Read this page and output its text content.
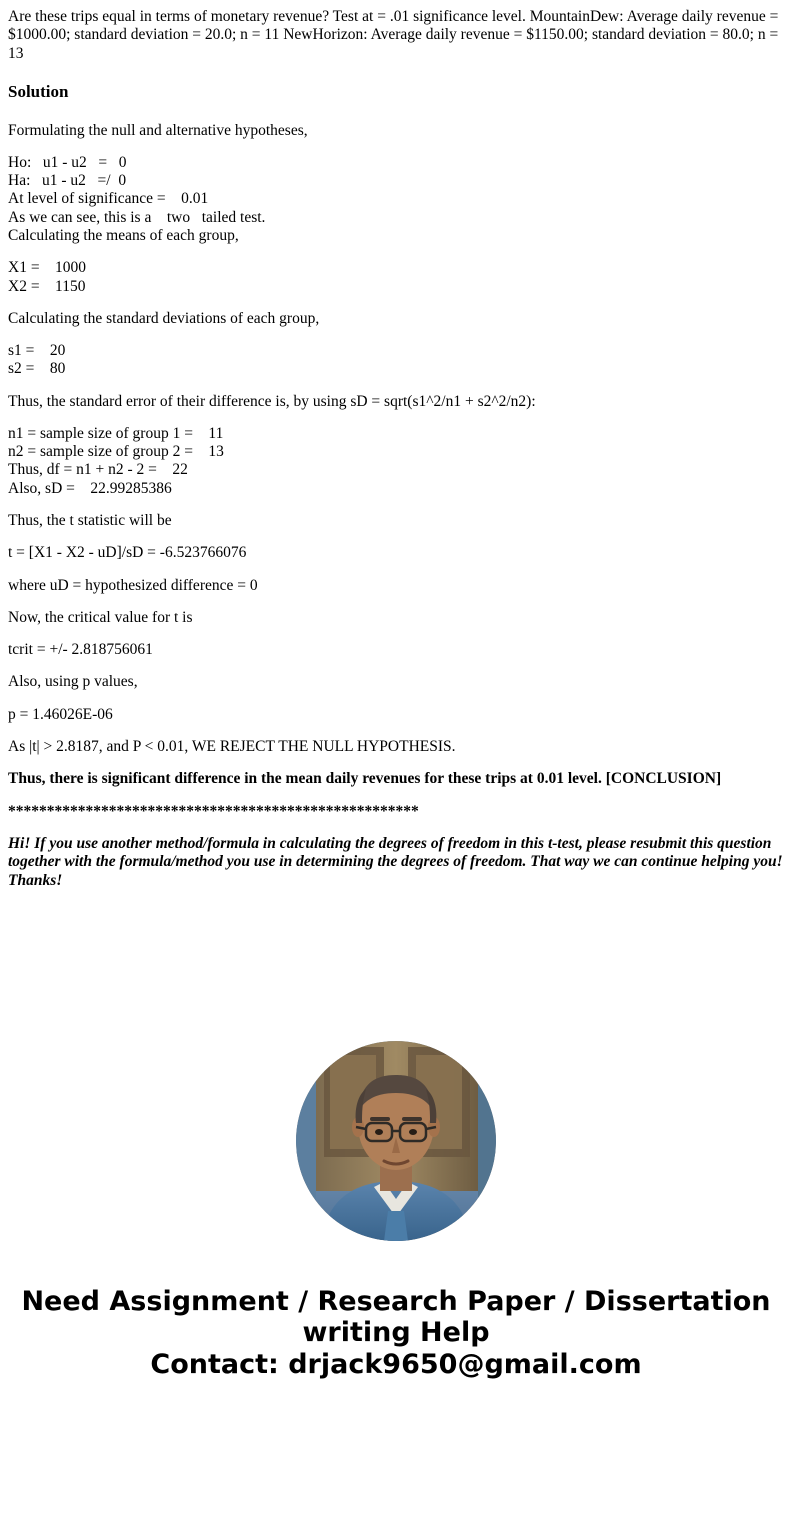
Are these trips equal in terms of monetary revenue? Test at = .01 significance level. MountainDew: Average daily revenue = $1000.00; standard deviation = 20.0; n = 11 NewHorizon: Average daily revenue = $1150.00; standard deviation = 80.0; n = 13

Solution

Formulating the null and alternative hypotheses,

Ho:   u1 - u2   =   0
Ha:   u1 - u2   =/  0
At level of significance =    0.01
As we can see, this is a    two   tailed test.
Calculating the means of each group,
X1 =    1000
X2 =    1150

Calculating the standard deviations of each group,

s1 =    20
s2 =    80

Thus, the standard error of their difference is, by using sD = sqrt(s1^2/n1 + s2^2/n2):

n1 = sample size of group 1 =    11
n2 = sample size of group 2 =    13
Thus, df = n1 + n2 - 2 =    22
Also, sD =    22.99285386

Thus, the t statistic will be

t = [X1 - X2 - uD]/sD = -6.523766076

where uD = hypothesized difference = 0

Now, the critical value for t is

tcrit = +/- 2.818756061

Also, using p values,

p = 1.46026E-06

As |t| > 2.8187, and P < 0.01, WE REJECT THE NULL HYPOTHESIS.

Thus, there is significant difference in the mean daily revenues for these trips at 0.01 level. [CONCLUSION]

*****************************************************

Hi! If you use another method/formula in calculating the degrees of freedom in this t-test, please resubmit this question together with the formula/method you use in determining the degrees of freedom. That way we can continue helping you! Thanks!

Need Assignment / Research Paper / Dissertation writing Help
Contact: drjack9650@gmail.com
